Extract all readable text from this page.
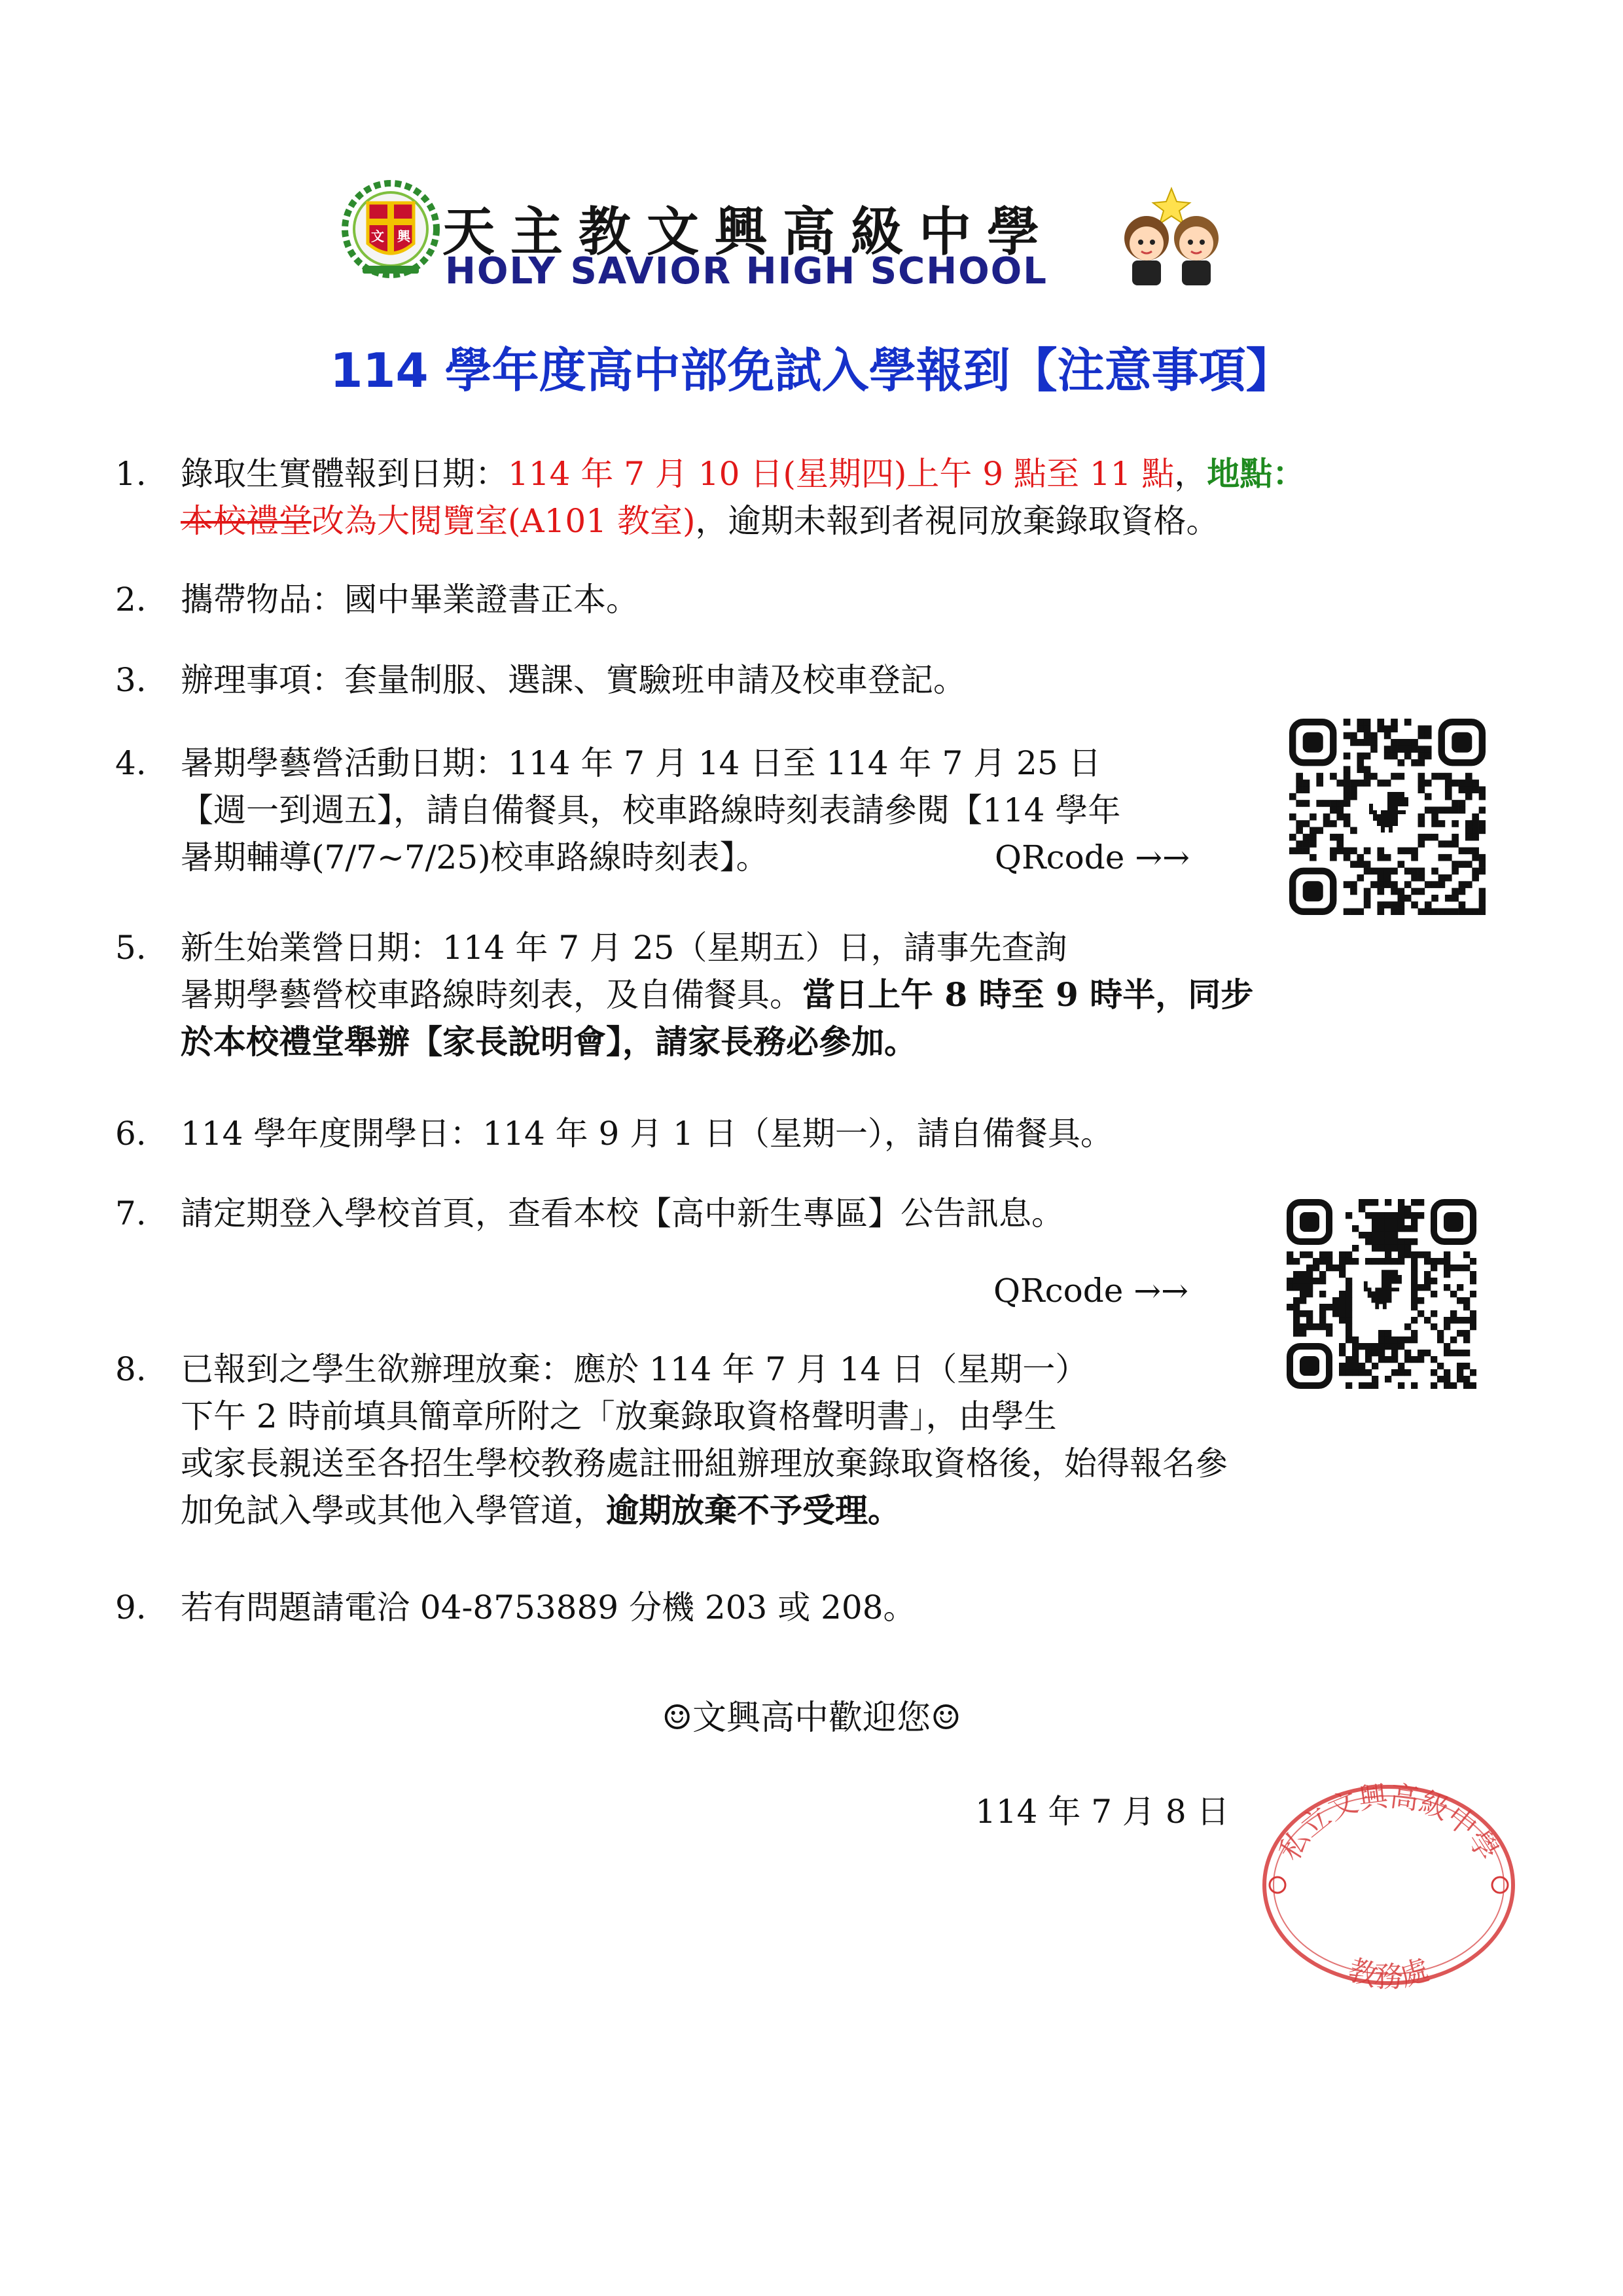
文 興 天主教文興高級中學
HOLY SAVIOR HIGH SCHOOL
114 學年度高中部免試入學報到【注意事項】
1. 錄取生實體報到日期：114 年 7 月 10 日(星期四)上午 9 點至 11 點，地點：
本校禮堂改為大閱覽室(A101 教室)，逾期未報到者視同放棄錄取資格。
2. 攜帶物品：國中畢業證書正本。
3. 辦理事項：套量制服、選課、實驗班申請及校車登記。
4. 暑期學藝營活動日期：114 年 7 月 14 日至 114 年 7 月 25 日
【週一到週五】，請自備餐具，校車路線時刻表請參閱【114 學年
暑期輔導(7/7~7/25)校車路線時刻表】。	QRcode →→
5. 新生始業營日期：114 年 7 月 25（星期五）日，請事先查詢
暑期學藝營校車路線時刻表，及自備餐具。當日上午 8 時至 9 時半，同步
於本校禮堂舉辦【家長說明會】，請家長務必參加。
6. 114 學年度開學日：114 年 9 月 1 日（星期一），請自備餐具。
7. 請定期登入學校首頁，查看本校【高中新生專區】公告訊息。
QRcode →→
8. 已報到之學生欲辦理放棄：應於 114 年 7 月 14 日（星期一）
下午 2 時前填具簡章所附之「放棄錄取資格聲明書」，由學生
或家長親送至各招生學校教務處註冊組辦理放棄錄取資格後，始得報名參
加免試入學或其他入學管道，逾期放棄不予受理。
9. 若有問題請電洽 04-8753889 分機 203 或 208。
☺文興高中歡迎您☺
114 年 7 月 8 日
私立文興高級中學
教務處
